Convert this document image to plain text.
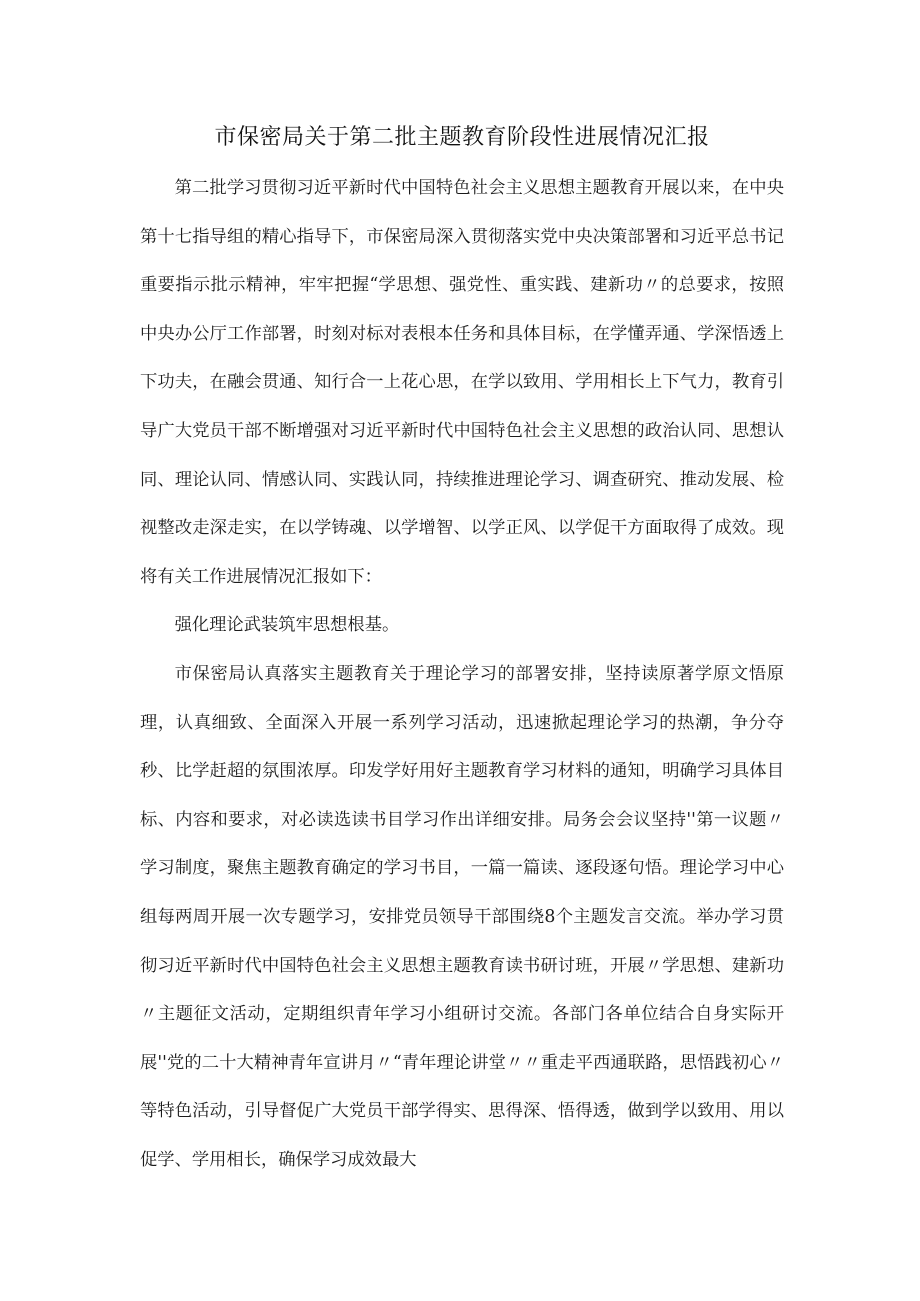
市保密局关于第二批主题教育阶段性进展情况汇报

第二批学习贯彻习近平新时代中国特色社会主义思想主题教育开展以来，在中央第十七指导组的精心指导下，市保密局深入贯彻落实党中央决策部署和习近平总书记重要指示批示精神，牢牢把握“学思想、强党性、重实践、建新功〃的总要求，按照中央办公厅工作部署，时刻对标对表根本任务和具体目标，在学懂弄通、学深悟透上下功夫，在融会贯通、知行合一上花心思，在学以致用、学用相长上下气力，教育引导广大党员干部不断增强对习近平新时代中国特色社会主义思想的政治认同、思想认同、理论认同、情感认同、实践认同，持续推进理论学习、调查研究、推动发展、检视整改走深走实，在以学铸魂、以学增智、以学正风、以学促干方面取得了成效。现将有关工作进展情况汇报如下：

强化理论武装筑牢思想根基。

市保密局认真落实主题教育关于理论学习的部署安排，坚持读原著学原文悟原理，认真细致、全面深入开展一系列学习活动，迅速掀起理论学习的热潮，争分夺秒、比学赶超的氛围浓厚。印发学好用好主题教育学习材料的通知，明确学习具体目标、内容和要求，对必读选读书目学习作出详细安排。局务会会议坚持''第一议题〃学习制度，聚焦主题教育确定的学习书目，一篇一篇读、逐段逐句悟。理论学习中心组每两周开展一次专题学习，安排党员领导干部围绕8个主题发言交流。举办学习贯彻习近平新时代中国特色社会主义思想主题教育读书研讨班，开展〃学思想、建新功〃主题征文活动，定期组织青年学习小组研讨交流。各部门各单位结合自身实际开展''党的二十大精神青年宣讲月〃“青年理论讲堂〃〃重走平西通联路，思悟践初心〃等特色活动，引导督促广大党员干部学得实、思得深、悟得透，做到学以致用、用以促学、学用相长，确保学习成效最大
